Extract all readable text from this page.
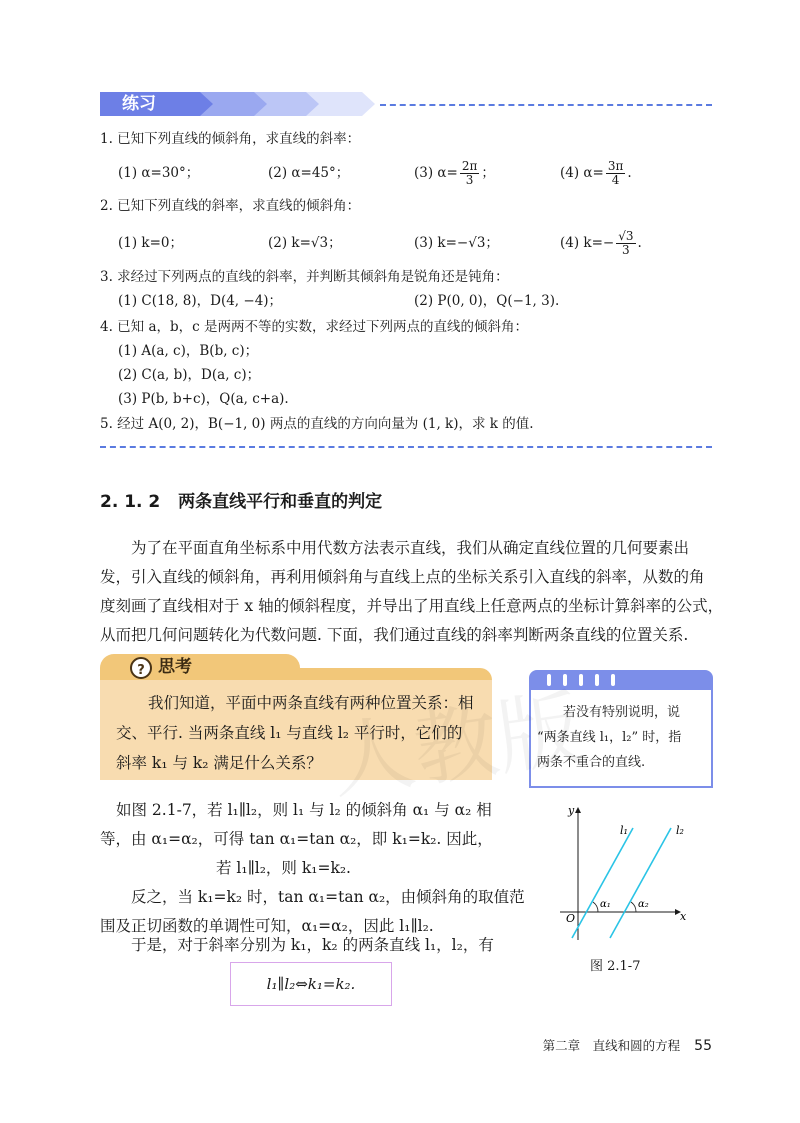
练习
1. 已知下列直线的倾斜角，求直线的斜率：
(1) α=30°；	(2) α=45°；	(3) $\alpha= \frac{2\pi}{3}$ ；	(4) $\alpha= \frac{3\pi}{4}$ .
2. 已知下列直线的斜率，求直线的倾斜角：
(1) k=0；	(2) k=√3；	(3) k=−√3；	(4) $k=- \frac{√3}{3}$ .
3. 求经过下列两点的直线的斜率，并判断其倾斜角是锐角还是钝角：
(1) C(18, 8)，D(4, −4)；	(2) P(0, 0)，Q(−1, 3).
4. 已知 a，b，c 是两两不等的实数，求经过下列两点的直线的倾斜角：
(1) A(a, c)，B(b, c)；
(2) C(a, b)，D(a, c)；
(3) P(b, b+c)，Q(a, c+a).
5. 经过 A(0, 2)，B(−1, 0) 两点的直线的方向向量为 (1, k)，求 k 的值.
2. 1. 2 两条直线平行和垂直的判定
为了在平面直角坐标系中用代数方法表示直线，我们从确定直线位置的几何要素出
发，引入直线的倾斜角，再利用倾斜角与直线上点的坐标关系引入直线的斜率，从数的角
度刻画了直线相对于 x 轴的倾斜程度，并导出了用直线上任意两点的坐标计算斜率的公式，
从而把几何问题转化为代数问题. 下面，我们通过直线的斜率判断两条直线的位置关系.
? 思考
我们知道，平面中两条直线有两种位置关系：相
交、平行. 当两条直线 l₁ 与直线 l₂ 平行时，它们的
斜率 k₁ 与 k₂ 满足什么关系？
若没有特别说明，说
“两条直线 l₁，l₂” 时，指
两条不重合的直线.
如图 2.1-7，若 l₁∥l₂，则 l₁ 与 l₂ 的倾斜角 α₁ 与 α₂ 相
等，由 α₁=α₂，可得 tan α₁=tan α₂，即 k₁=k₂. 因此，
若 l₁∥l₂，则 k₁=k₂.
反之，当 k₁=k₂ 时，tan α₁=tan α₂，由倾斜角的取值范
围及正切函数的单调性可知，α₁=α₂，因此 l₁∥l₂.
于是，对于斜率分别为 k₁，k₂ 的两条直线 l₁，l₂，有
l₁∥l₂⇔k₁=k₂.
y
x
O
l₁	l₂
α₁	α₂
图 2.1-7
第二章　直线和圆的方程 55
